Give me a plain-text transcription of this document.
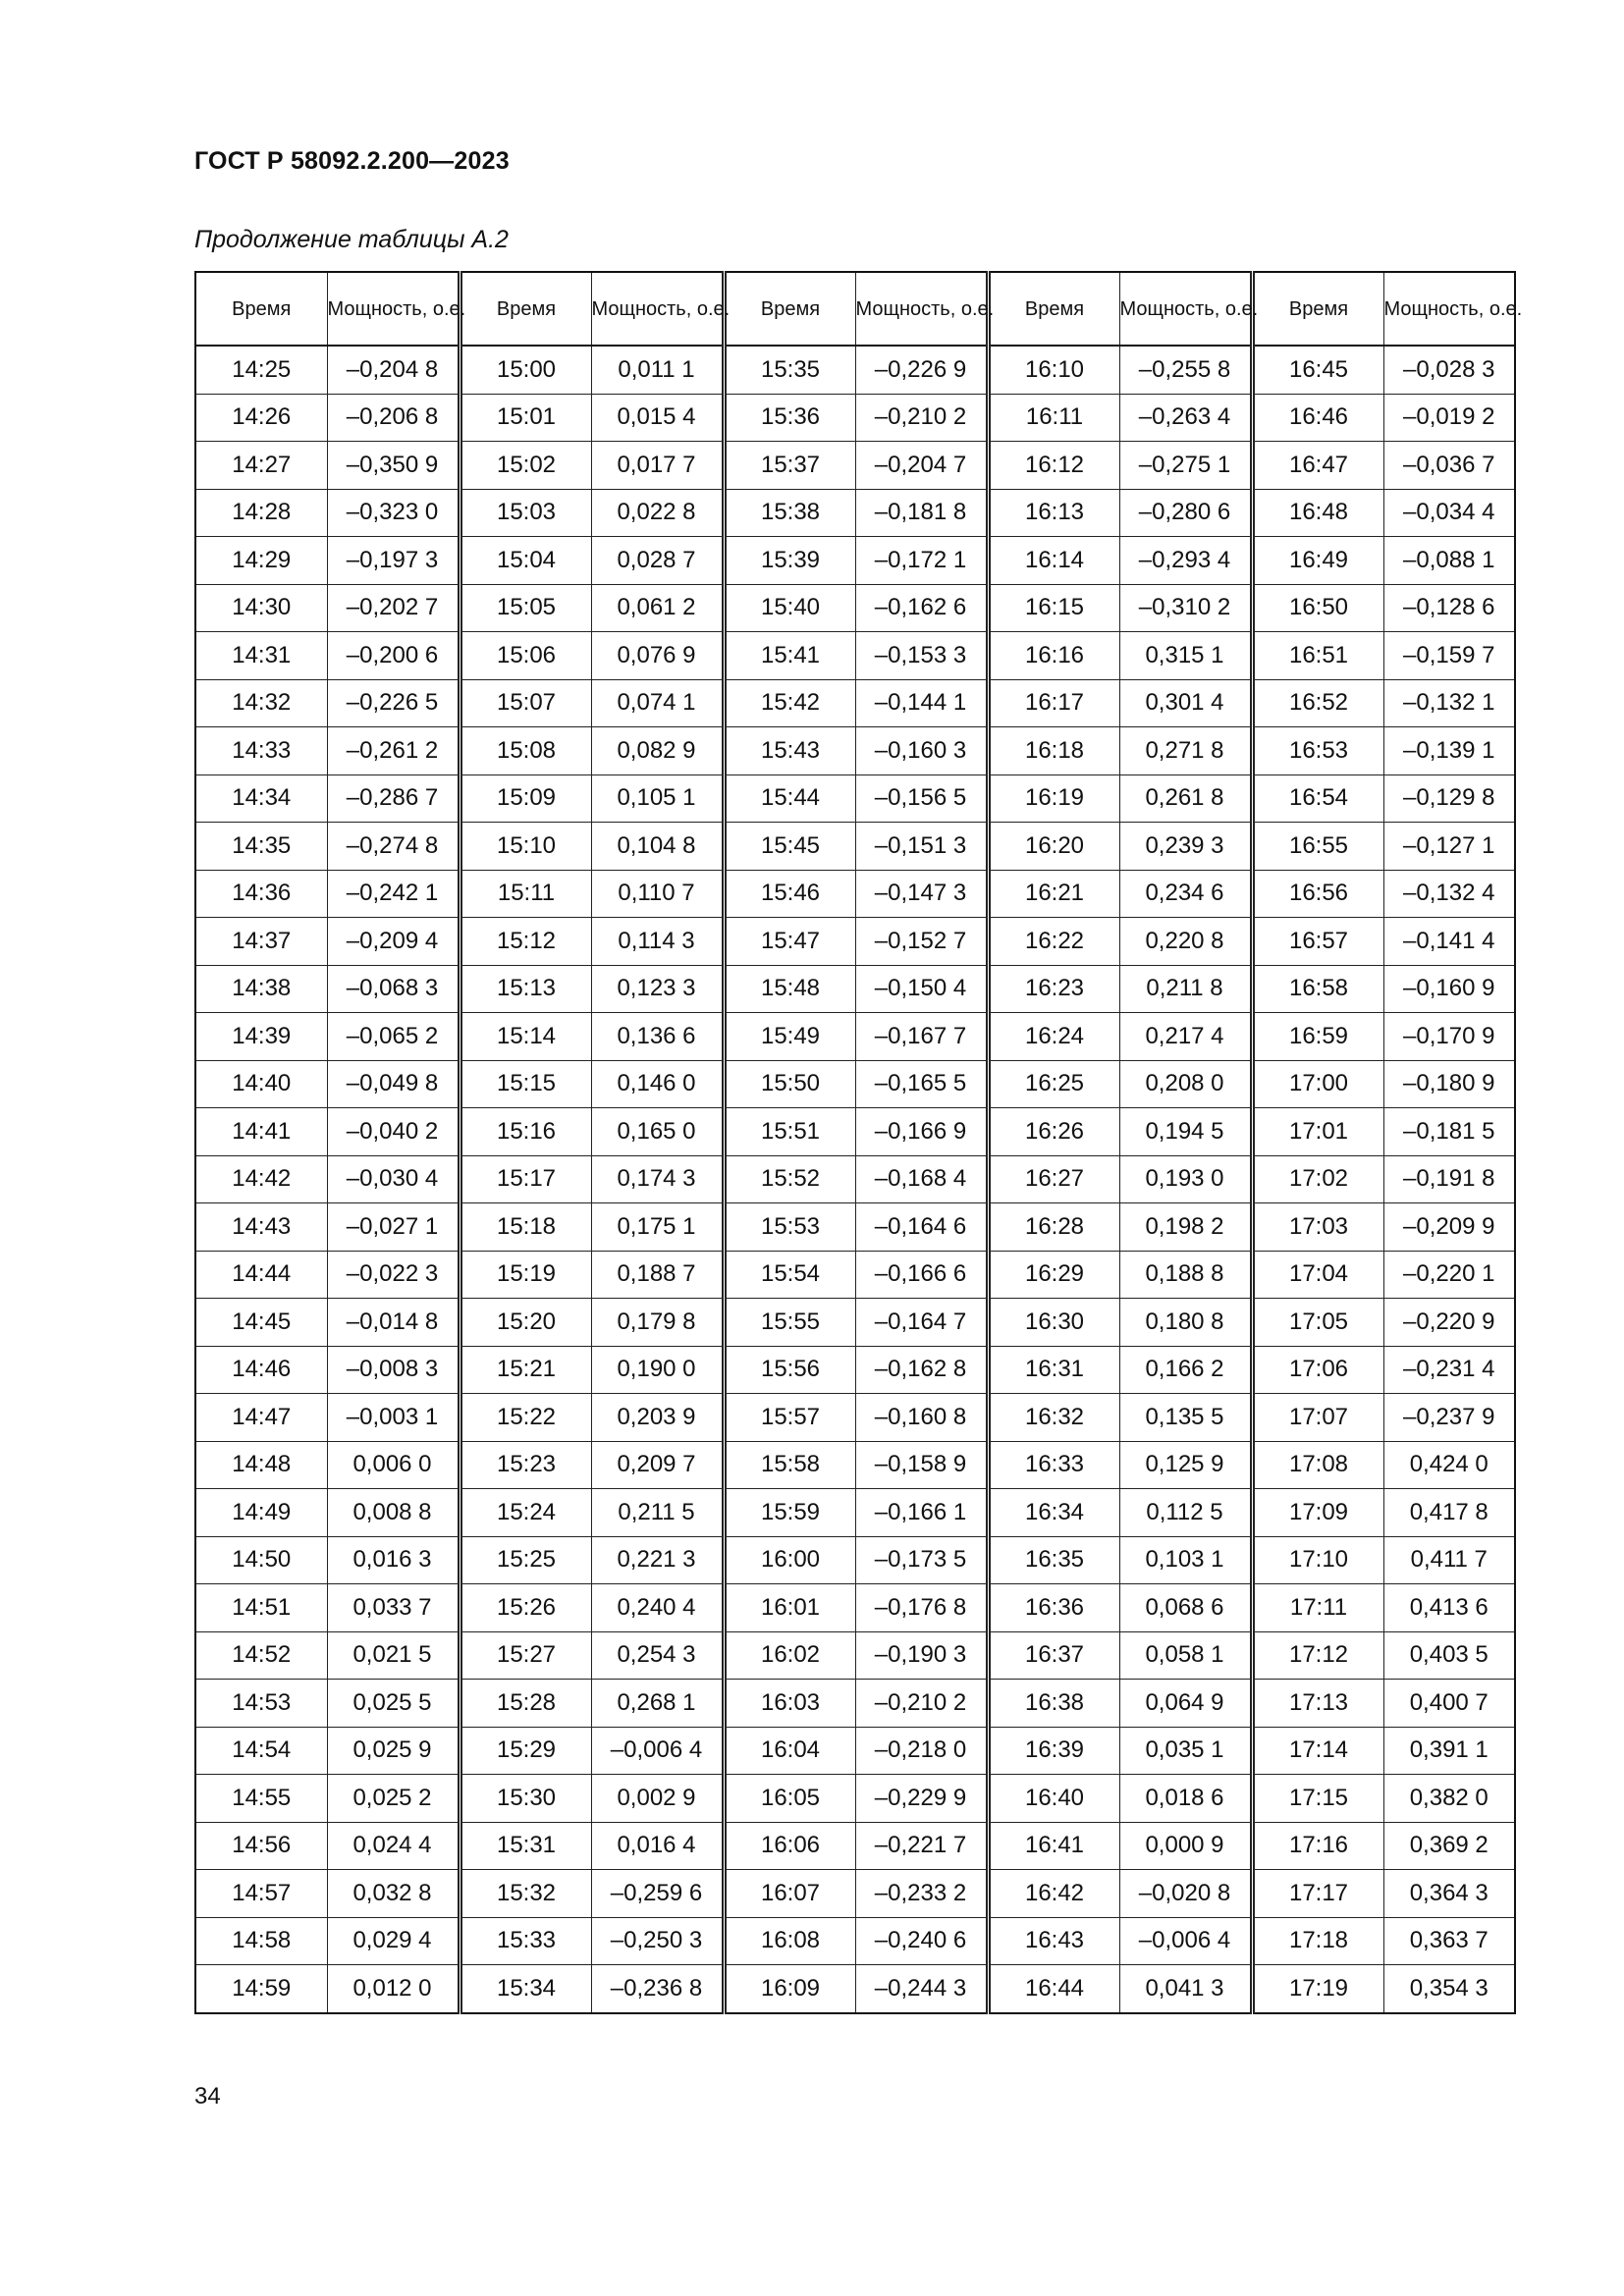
ГОСТ Р 58092.2.200—2023
Продолжение таблицы А.2
Время	Мощность, о.е.	Время	Мощность, о.е.	Время	Мощность, о.е.	Время	Мощность, о.е.	Время	Мощность, о.е.
14:25	–0,204 8	15:00	0,011 1	15:35	–0,226 9	16:10	–0,255 8	16:45	–0,028 3
14:26	–0,206 8	15:01	0,015 4	15:36	–0,210 2	16:11	–0,263 4	16:46	–0,019 2
14:27	–0,350 9	15:02	0,017 7	15:37	–0,204 7	16:12	–0,275 1	16:47	–0,036 7
14:28	–0,323 0	15:03	0,022 8	15:38	–0,181 8	16:13	–0,280 6	16:48	–0,034 4
14:29	–0,197 3	15:04	0,028 7	15:39	–0,172 1	16:14	–0,293 4	16:49	–0,088 1
14:30	–0,202 7	15:05	0,061 2	15:40	–0,162 6	16:15	–0,310 2	16:50	–0,128 6
14:31	–0,200 6	15:06	0,076 9	15:41	–0,153 3	16:16	0,315 1	16:51	–0,159 7
14:32	–0,226 5	15:07	0,074 1	15:42	–0,144 1	16:17	0,301 4	16:52	–0,132 1
14:33	–0,261 2	15:08	0,082 9	15:43	–0,160 3	16:18	0,271 8	16:53	–0,139 1
14:34	–0,286 7	15:09	0,105 1	15:44	–0,156 5	16:19	0,261 8	16:54	–0,129 8
14:35	–0,274 8	15:10	0,104 8	15:45	–0,151 3	16:20	0,239 3	16:55	–0,127 1
14:36	–0,242 1	15:11	0,110 7	15:46	–0,147 3	16:21	0,234 6	16:56	–0,132 4
14:37	–0,209 4	15:12	0,114 3	15:47	–0,152 7	16:22	0,220 8	16:57	–0,141 4
14:38	–0,068 3	15:13	0,123 3	15:48	–0,150 4	16:23	0,211 8	16:58	–0,160 9
14:39	–0,065 2	15:14	0,136 6	15:49	–0,167 7	16:24	0,217 4	16:59	–0,170 9
14:40	–0,049 8	15:15	0,146 0	15:50	–0,165 5	16:25	0,208 0	17:00	–0,180 9
14:41	–0,040 2	15:16	0,165 0	15:51	–0,166 9	16:26	0,194 5	17:01	–0,181 5
14:42	–0,030 4	15:17	0,174 3	15:52	–0,168 4	16:27	0,193 0	17:02	–0,191 8
14:43	–0,027 1	15:18	0,175 1	15:53	–0,164 6	16:28	0,198 2	17:03	–0,209 9
14:44	–0,022 3	15:19	0,188 7	15:54	–0,166 6	16:29	0,188 8	17:04	–0,220 1
14:45	–0,014 8	15:20	0,179 8	15:55	–0,164 7	16:30	0,180 8	17:05	–0,220 9
14:46	–0,008 3	15:21	0,190 0	15:56	–0,162 8	16:31	0,166 2	17:06	–0,231 4
14:47	–0,003 1	15:22	0,203 9	15:57	–0,160 8	16:32	0,135 5	17:07	–0,237 9
14:48	0,006 0	15:23	0,209 7	15:58	–0,158 9	16:33	0,125 9	17:08	0,424 0
14:49	0,008 8	15:24	0,211 5	15:59	–0,166 1	16:34	0,112 5	17:09	0,417 8
14:50	0,016 3	15:25	0,221 3	16:00	–0,173 5	16:35	0,103 1	17:10	0,411 7
14:51	0,033 7	15:26	0,240 4	16:01	–0,176 8	16:36	0,068 6	17:11	0,413 6
14:52	0,021 5	15:27	0,254 3	16:02	–0,190 3	16:37	0,058 1	17:12	0,403 5
14:53	0,025 5	15:28	0,268 1	16:03	–0,210 2	16:38	0,064 9	17:13	0,400 7
14:54	0,025 9	15:29	–0,006 4	16:04	–0,218 0	16:39	0,035 1	17:14	0,391 1
14:55	0,025 2	15:30	0,002 9	16:05	–0,229 9	16:40	0,018 6	17:15	0,382 0
14:56	0,024 4	15:31	0,016 4	16:06	–0,221 7	16:41	0,000 9	17:16	0,369 2
14:57	0,032 8	15:32	–0,259 6	16:07	–0,233 2	16:42	–0,020 8	17:17	0,364 3
14:58	0,029 4	15:33	–0,250 3	16:08	–0,240 6	16:43	–0,006 4	17:18	0,363 7
14:59	0,012 0	15:34	–0,236 8	16:09	–0,244 3	16:44	0,041 3	17:19	0,354 3
34
